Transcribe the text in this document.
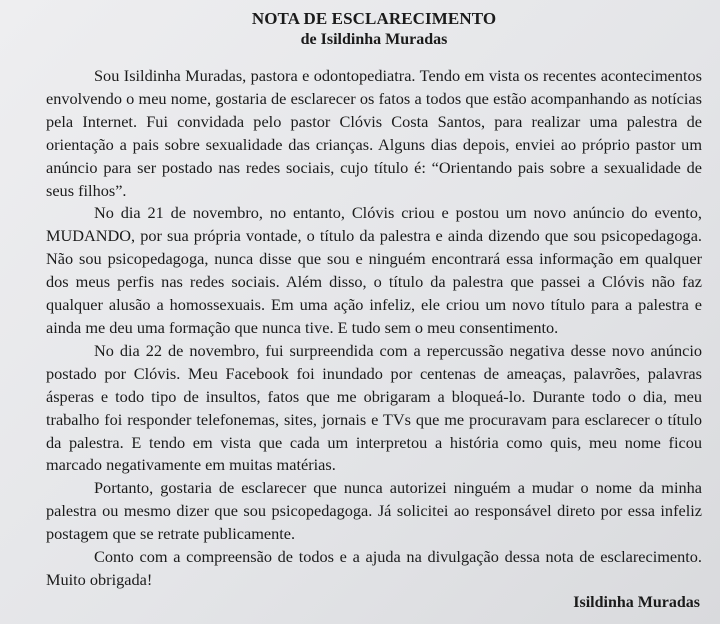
NOTA DE ESCLARECIMENTO
de Isildinha Muradas

Sou Isildinha Muradas, pastora e odontopediatra. Tendo em vista os recentes acontecimentos envolvendo o meu nome, gostaria de esclarecer os fatos a todos que estão acompanhando as notícias pela Internet. Fui convidada pelo pastor Clóvis Costa Santos, para realizar uma palestra de orientação a pais sobre sexualidade das crianças. Alguns dias depois, enviei ao próprio pastor um anúncio para ser postado nas redes sociais, cujo título é: “Orientando pais sobre a sexualidade de seus filhos”.

No dia 21 de novembro, no entanto, Clóvis criou e postou um novo anúncio do evento, MUDANDO, por sua própria vontade, o título da palestra e ainda dizendo que sou psicopedagoga. Não sou psicopedagoga, nunca disse que sou e ninguém encontrará essa informação em qualquer dos meus perfis nas redes sociais. Além disso, o título da palestra que passei a Clóvis não faz qualquer alusão a homossexuais. Em uma ação infeliz, ele criou um novo título para a palestra e ainda me deu uma formação que nunca tive. E tudo sem o meu consentimento.

No dia 22 de novembro, fui surpreendida com a repercussão negativa desse novo anúncio postado por Clóvis. Meu Facebook foi inundado por centenas de ameaças, palavrões, palavras ásperas e todo tipo de insultos, fatos que me obrigaram a bloqueá-lo. Durante todo o dia, meu trabalho foi responder telefonemas, sites, jornais e TVs que me procuravam para esclarecer o título da palestra. E tendo em vista que cada um interpretou a história como quis, meu nome ficou marcado negativamente em muitas matérias.

Portanto, gostaria de esclarecer que nunca autorizei ninguém a mudar o nome da minha palestra ou mesmo dizer que sou psicopedagoga. Já solicitei ao responsável direto por essa infeliz postagem que se retrate publicamente.

Conto com a compreensão de todos e a ajuda na divulgação dessa nota de esclarecimento. Muito obrigada!

Isildinha Muradas
